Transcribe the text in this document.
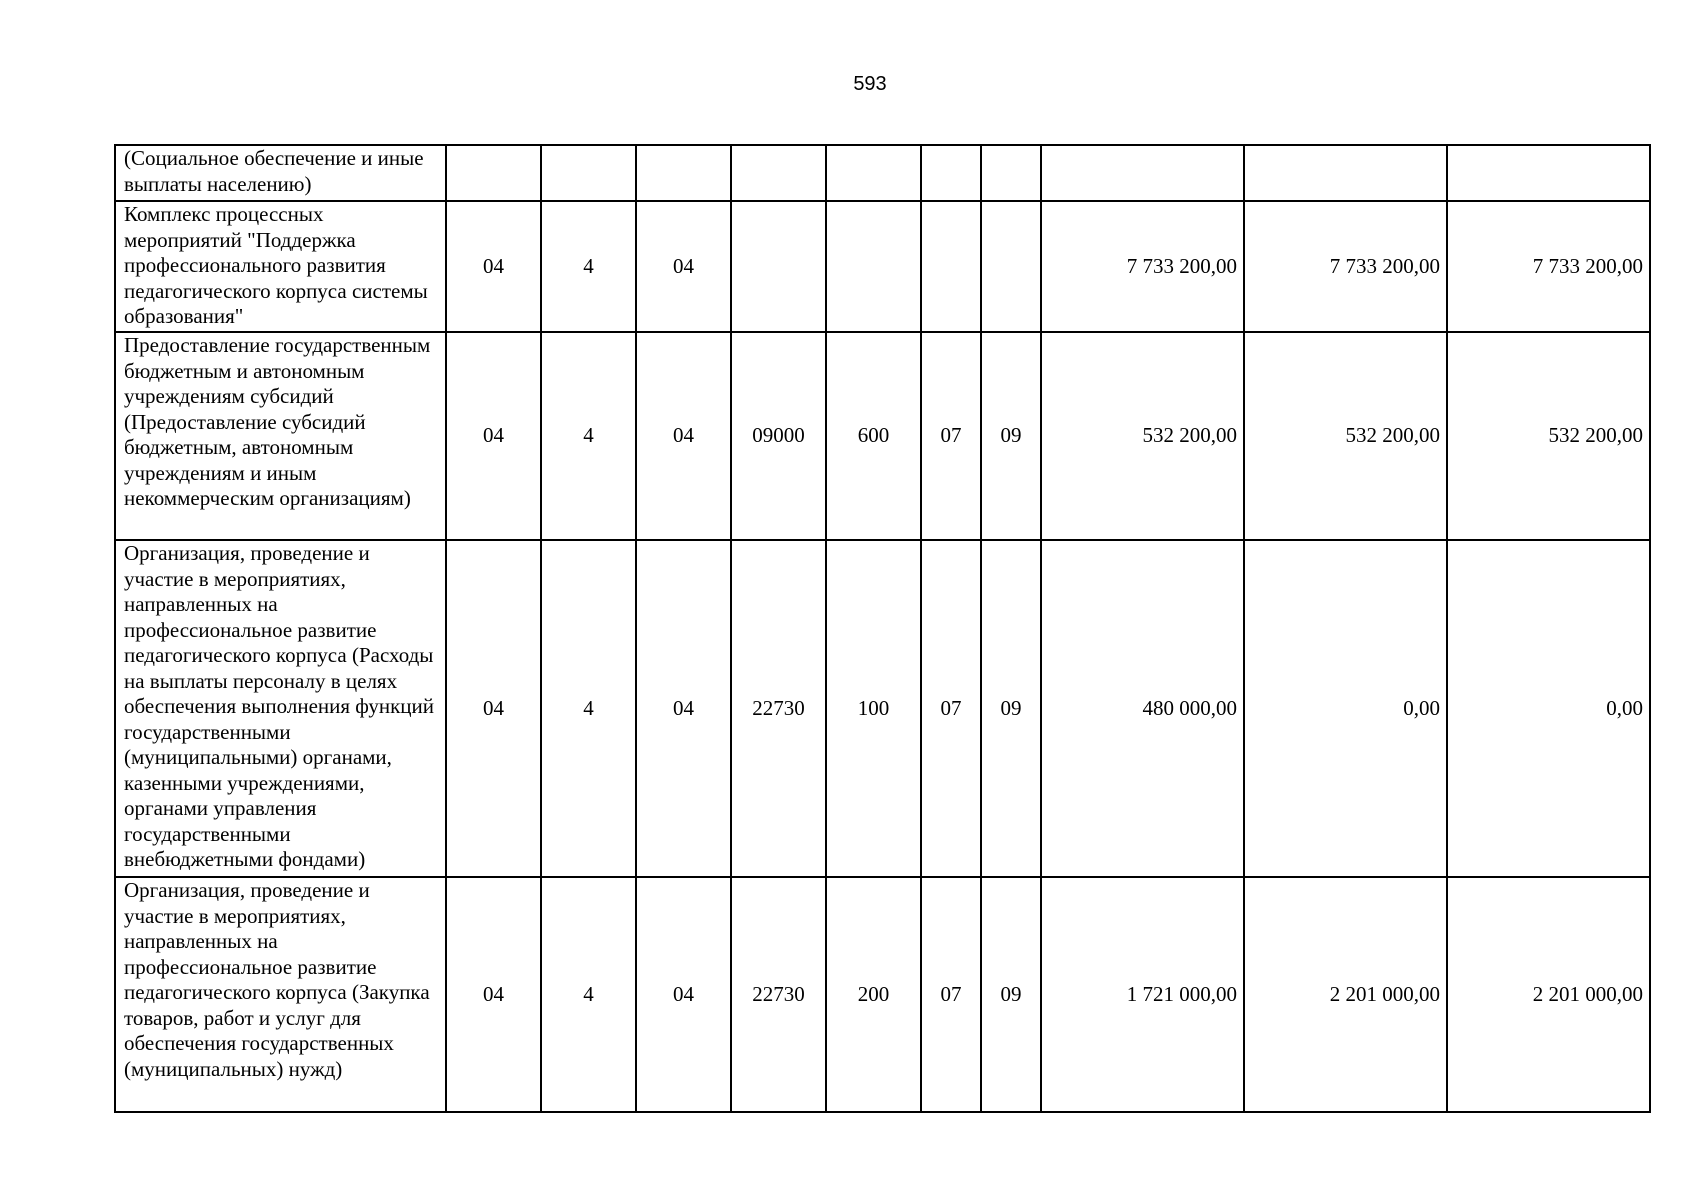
593
(Социальное обеспечение и иные выплаты населению)										
Комплекс процессных мероприятий "Поддержка профессионального развития педагогического корпуса системы образования"	04	4	04					7 733 200,00	7 733 200,00	7 733 200,00
Предоставление государственным бюджетным и автономным учреждениям субсидий (Предоставление субсидий бюджетным, автономным учреждениям и иным некоммерческим организациям)	04	4	04	09000	600	07	09	532 200,00	532 200,00	532 200,00
Организация, проведение и участие в мероприятиях, направленных на профессиональное развитие педагогического корпуса (Расходы на выплаты персоналу в целях обеспечения выполнения функций государственными (муниципальными) органами, казенными учреждениями, органами управления государственными внебюджетными фондами)	04	4	04	22730	100	07	09	480 000,00	0,00	0,00
Организация, проведение и участие в мероприятиях, направленных на профессиональное развитие педагогического корпуса (Закупка товаров, работ и услуг для обеспечения государственных (муниципальных) нужд)	04	4	04	22730	200	07	09	1 721 000,00	2 201 000,00	2 201 000,00
